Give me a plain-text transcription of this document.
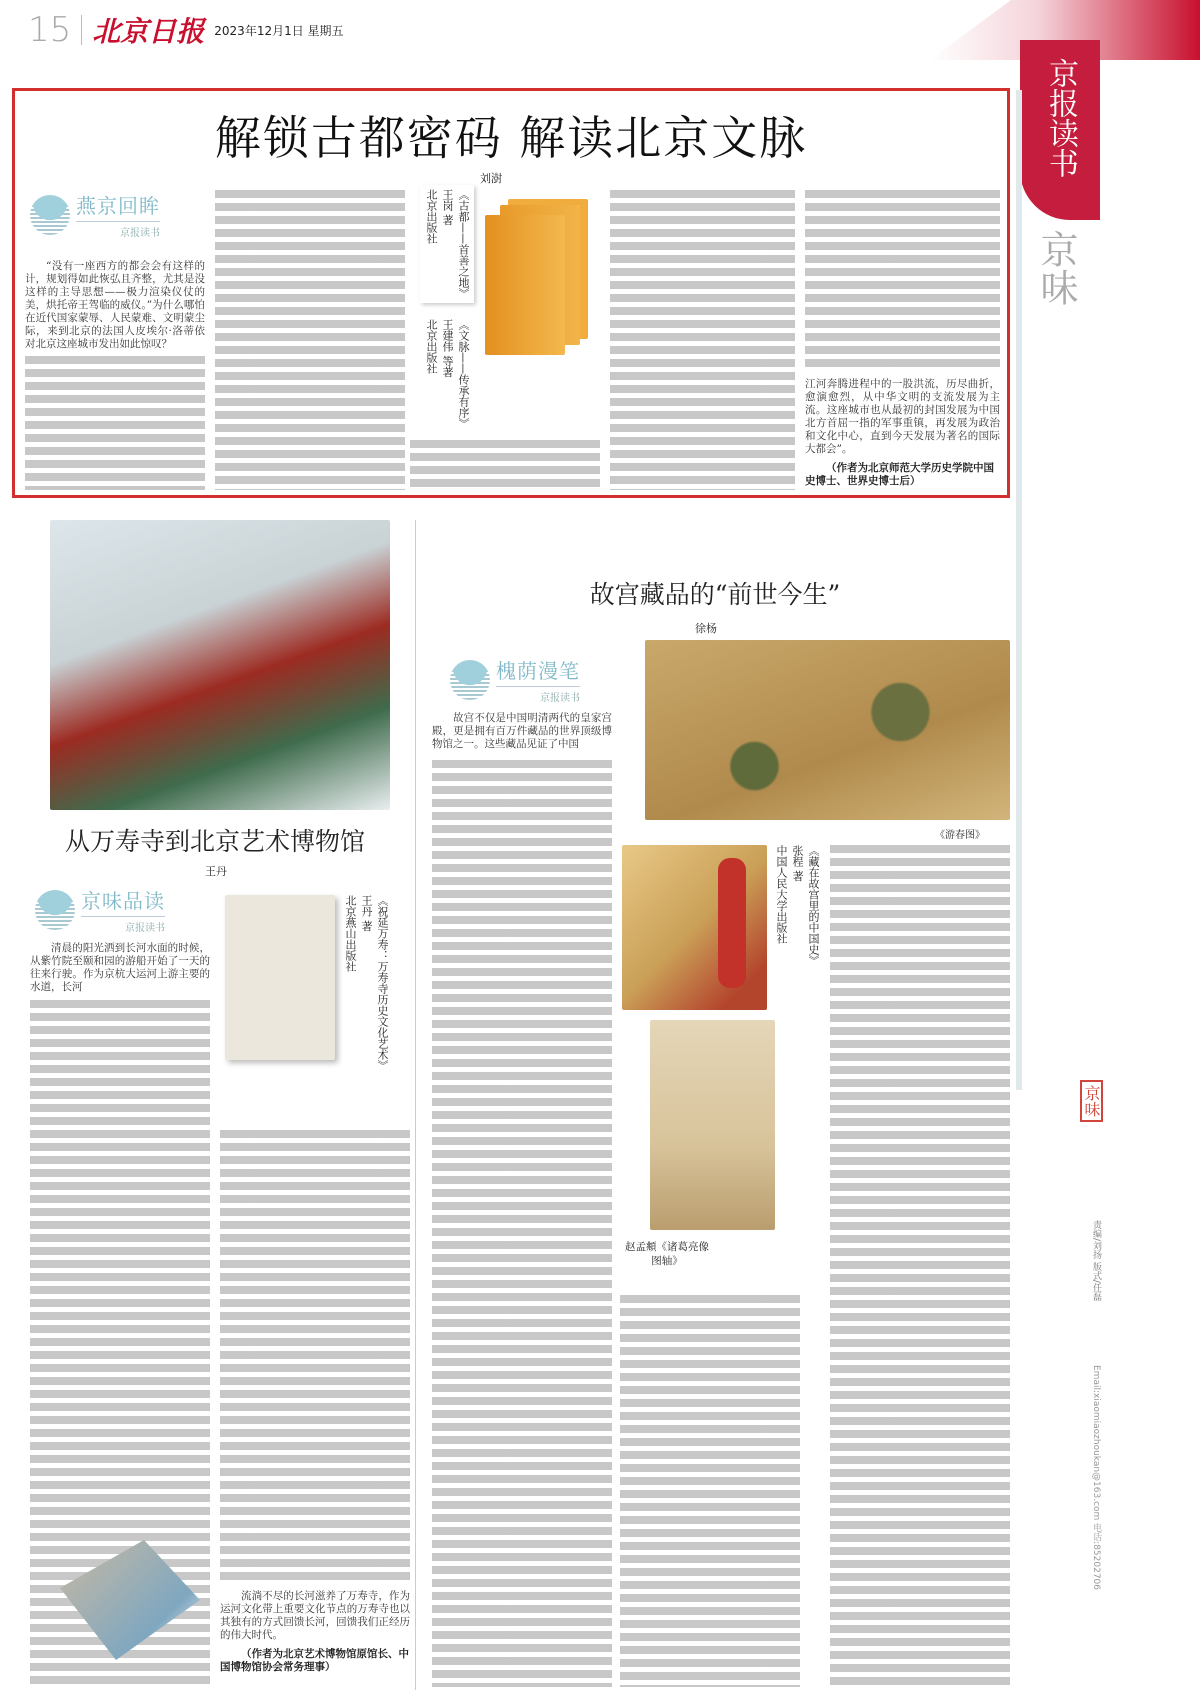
15 北京日报 2023年12月1日 星期五
京报读书
京味
解锁古都密码 解读北京文脉
刘澍
燕京回眸
京报读书

“没有一座西方的都会会有这样的计，规划得如此恢弘且齐整，尤其是没这样的主导思想——极力渲染仪仗的美，烘托帝王驾临的威仪。”为什么哪怕在近代国家蒙辱、人民蒙难、文明蒙尘际，来到北京的法国人皮埃尔·洛蒂依对北京这座城市发出如此惊叹？

《古都——首善之地》
王岗 著
北京出版社
《文脉——传承有序》
王建伟 等著
北京出版社

江河奔腾进程中的一股洪流，历尽曲折，愈演愈烈，从中华文明的支流发展为主流。这座城市也从最初的封国发展为中国北方首屈一指的军事重镇，再发展为政治和文化中心，直到今天发展为著名的国际大都会”。

（作者为北京师范大学历史学院中国史博士、世界史博士后）

从万寿寺到北京艺术博物馆
王丹
京味品读
京报读书

清晨的阳光洒到长河水面的时候，从紫竹院至颐和园的游船开始了一天的往来行驶。作为京杭大运河上游主要的水道，长河	《祝延万寿：万寿寺历史文化艺术》
王丹 著
北京燕山出版社

流淌不尽的长河滋养了万寿寺，作为运河文化带上重要文化节点的万寿寺也以其独有的方式回馈长河，回馈我们正经历的伟大时代。

（作者为北京艺术博物馆原馆长、中国博物馆协会常务理事）

故宫藏品的“前世今生”
徐杨
槐荫漫笔
京报读书

故宫不仅是中国明清两代的皇家宫殿，更是拥有百万件藏品的世界顶级博物馆之一。这些藏品见证了中国

《游春图》
《藏在故宫里的中国史》
张程 著
中国人民大学出版社
赵孟頫《诸葛亮像图轴》
京味
责编/刘扬 版式/任磊
Email:xiaomiaozhoukan@163.com 电话:85202706
